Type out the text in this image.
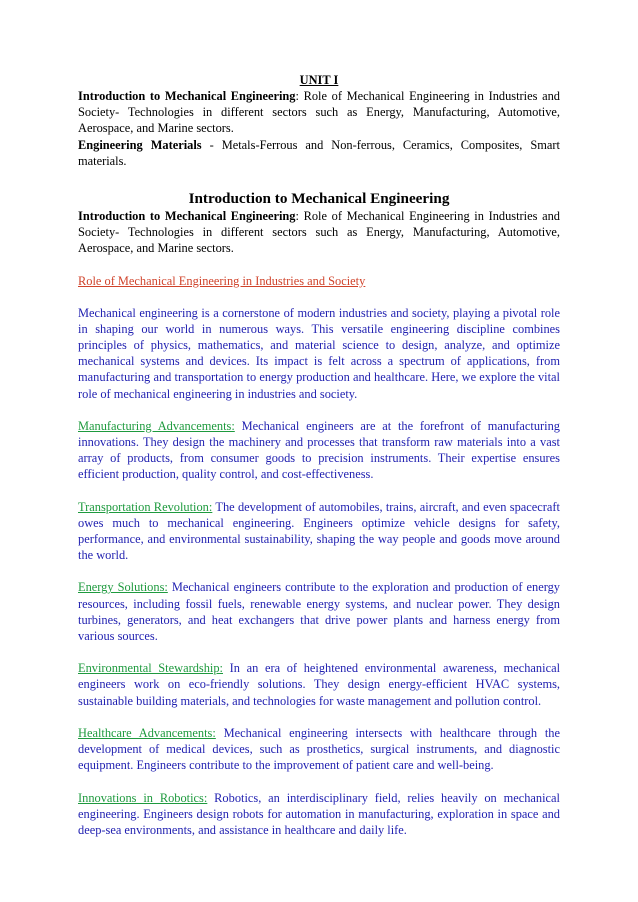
UNIT I

Introduction to Mechanical Engineering: Role of Mechanical Engineering in Industries and Society- Technologies in different sectors such as Energy, Manufacturing, Automotive, Aerospace, and Marine sectors.

Engineering Materials - Metals-Ferrous and Non-ferrous, Ceramics, Composites, Smart materials.

Introduction to Mechanical Engineering

Introduction to Mechanical Engineering: Role of Mechanical Engineering in Industries and Society- Technologies in different sectors such as Energy, Manufacturing, Automotive, Aerospace, and Marine sectors.

Role of Mechanical Engineering in Industries and Society

Mechanical engineering is a cornerstone of modern industries and society, playing a pivotal role in shaping our world in numerous ways. This versatile engineering discipline combines principles of physics, mathematics, and material science to design, analyze, and optimize mechanical systems and devices. Its impact is felt across a spectrum of applications, from manufacturing and transportation to energy production and healthcare. Here, we explore the vital role of mechanical engineering in industries and society.

Manufacturing Advancements: Mechanical engineers are at the forefront of manufacturing innovations. They design the machinery and processes that transform raw materials into a vast array of products, from consumer goods to precision instruments. Their expertise ensures efficient production, quality control, and cost-effectiveness.

Transportation Revolution: The development of automobiles, trains, aircraft, and even spacecraft owes much to mechanical engineering. Engineers optimize vehicle designs for safety, performance, and environmental sustainability, shaping the way people and goods move around the world.

Energy Solutions: Mechanical engineers contribute to the exploration and production of energy resources, including fossil fuels, renewable energy systems, and nuclear power. They design turbines, generators, and heat exchangers that drive power plants and harness energy from various sources.

Environmental Stewardship: In an era of heightened environmental awareness, mechanical engineers work on eco-friendly solutions. They design energy-efficient HVAC systems, sustainable building materials, and technologies for waste management and pollution control.

Healthcare Advancements: Mechanical engineering intersects with healthcare through the development of medical devices, such as prosthetics, surgical instruments, and diagnostic equipment. Engineers contribute to the improvement of patient care and well-being.

Innovations in Robotics: Robotics, an interdisciplinary field, relies heavily on mechanical engineering. Engineers design robots for automation in manufacturing, exploration in space and deep-sea environments, and assistance in healthcare and daily life.
